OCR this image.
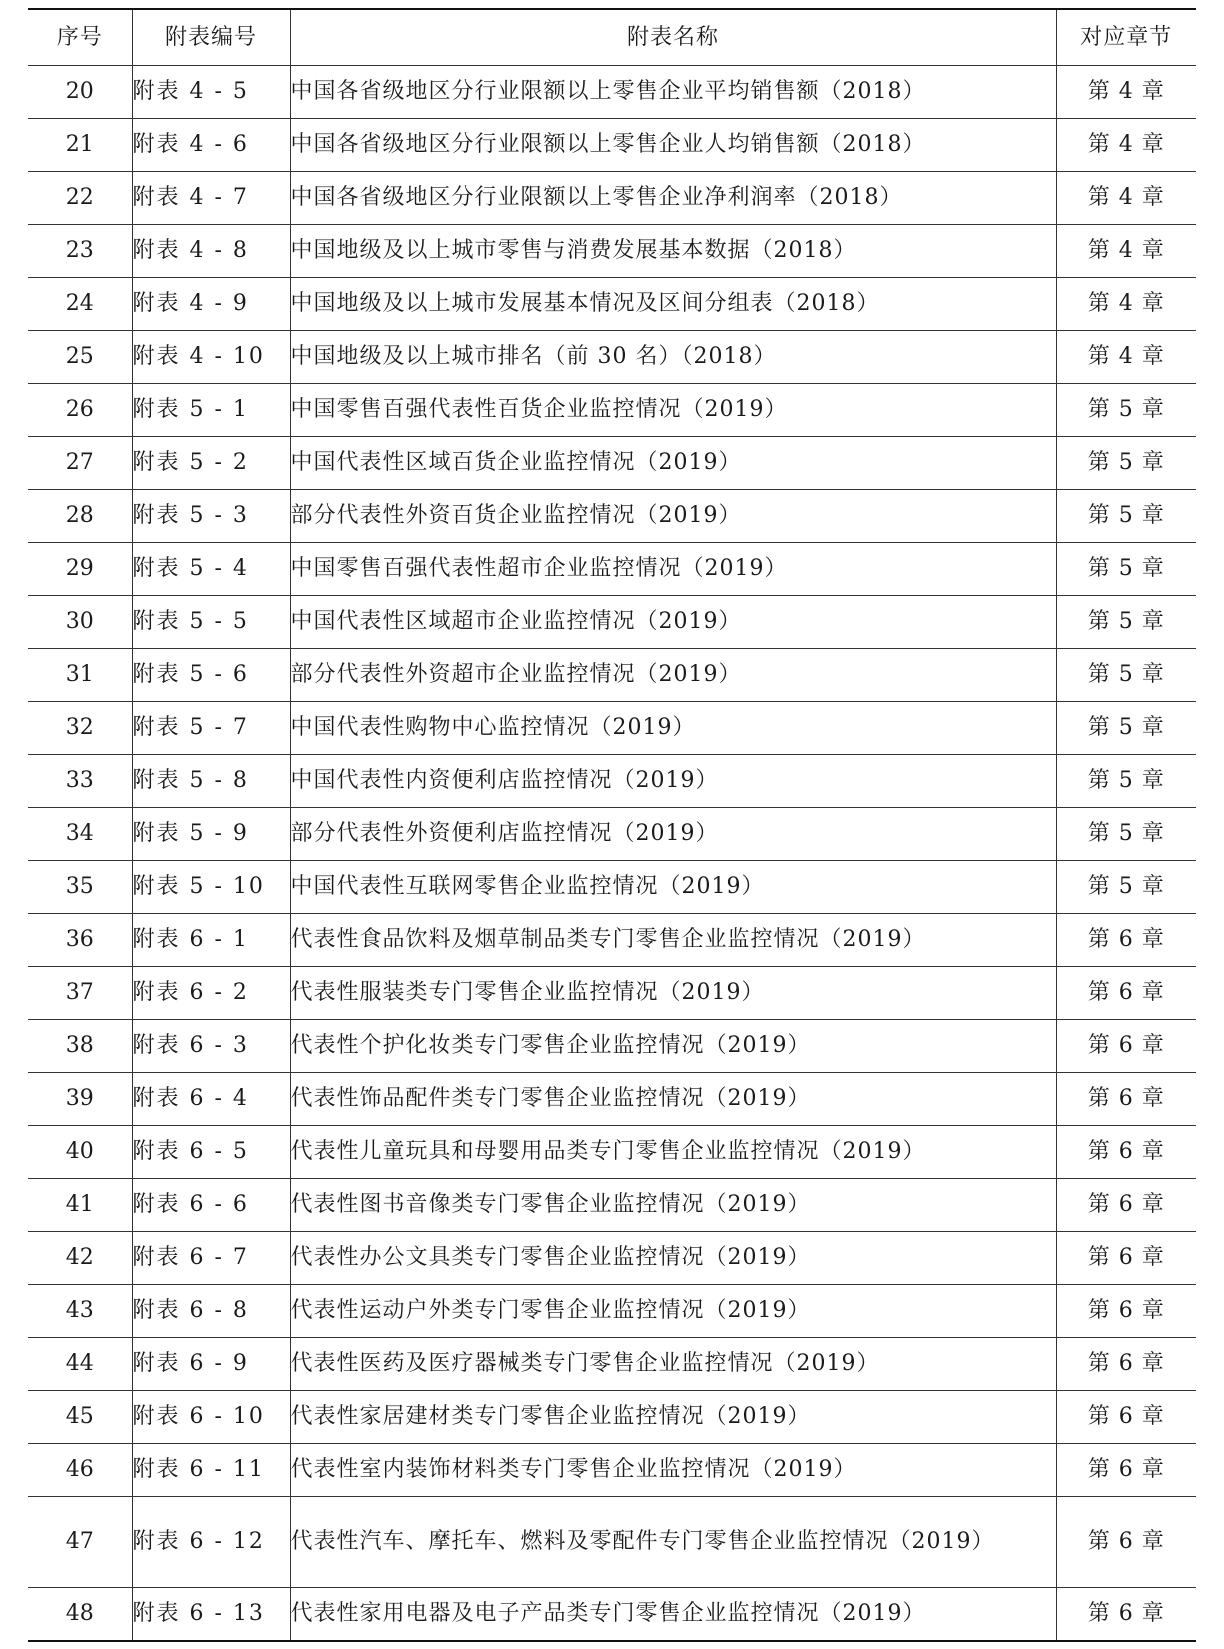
序号	附表编号	附表名称	对应章节
20	附表 4 - 5	中国各省级地区分行业限额以上零售企业平均销售额（2018）	第 4 章
21	附表 4 - 6	中国各省级地区分行业限额以上零售企业人均销售额（2018）	第 4 章
22	附表 4 - 7	中国各省级地区分行业限额以上零售企业净利润率（2018）	第 4 章
23	附表 4 - 8	中国地级及以上城市零售与消费发展基本数据（2018）	第 4 章
24	附表 4 - 9	中国地级及以上城市发展基本情况及区间分组表（2018）	第 4 章
25	附表 4 - 10	中国地级及以上城市排名（前 30 名）（2018）	第 4 章
26	附表 5 - 1	中国零售百强代表性百货企业监控情况（2019）	第 5 章
27	附表 5 - 2	中国代表性区域百货企业监控情况（2019）	第 5 章
28	附表 5 - 3	部分代表性外资百货企业监控情况（2019）	第 5 章
29	附表 5 - 4	中国零售百强代表性超市企业监控情况（2019）	第 5 章
30	附表 5 - 5	中国代表性区域超市企业监控情况（2019）	第 5 章
31	附表 5 - 6	部分代表性外资超市企业监控情况（2019）	第 5 章
32	附表 5 - 7	中国代表性购物中心监控情况（2019）	第 5 章
33	附表 5 - 8	中国代表性内资便利店监控情况（2019）	第 5 章
34	附表 5 - 9	部分代表性外资便利店监控情况（2019）	第 5 章
35	附表 5 - 10	中国代表性互联网零售企业监控情况（2019）	第 5 章
36	附表 6 - 1	代表性食品饮料及烟草制品类专门零售企业监控情况（2019）	第 6 章
37	附表 6 - 2	代表性服装类专门零售企业监控情况（2019）	第 6 章
38	附表 6 - 3	代表性个护化妆类专门零售企业监控情况（2019）	第 6 章
39	附表 6 - 4	代表性饰品配件类专门零售企业监控情况（2019）	第 6 章
40	附表 6 - 5	代表性儿童玩具和母婴用品类专门零售企业监控情况（2019）	第 6 章
41	附表 6 - 6	代表性图书音像类专门零售企业监控情况（2019）	第 6 章
42	附表 6 - 7	代表性办公文具类专门零售企业监控情况（2019）	第 6 章
43	附表 6 - 8	代表性运动户外类专门零售企业监控情况（2019）	第 6 章
44	附表 6 - 9	代表性医药及医疗器械类专门零售企业监控情况（2019）	第 6 章
45	附表 6 - 10	代表性家居建材类专门零售企业监控情况（2019）	第 6 章
46	附表 6 - 11	代表性室内装饰材料类专门零售企业监控情况（2019）	第 6 章
47	附表 6 - 12	代表性汽车、摩托车、燃料及零配件专门零售企业监控情况（2019）	第 6 章
48	附表 6 - 13	代表性家用电器及电子产品类专门零售企业监控情况（2019）	第 6 章
